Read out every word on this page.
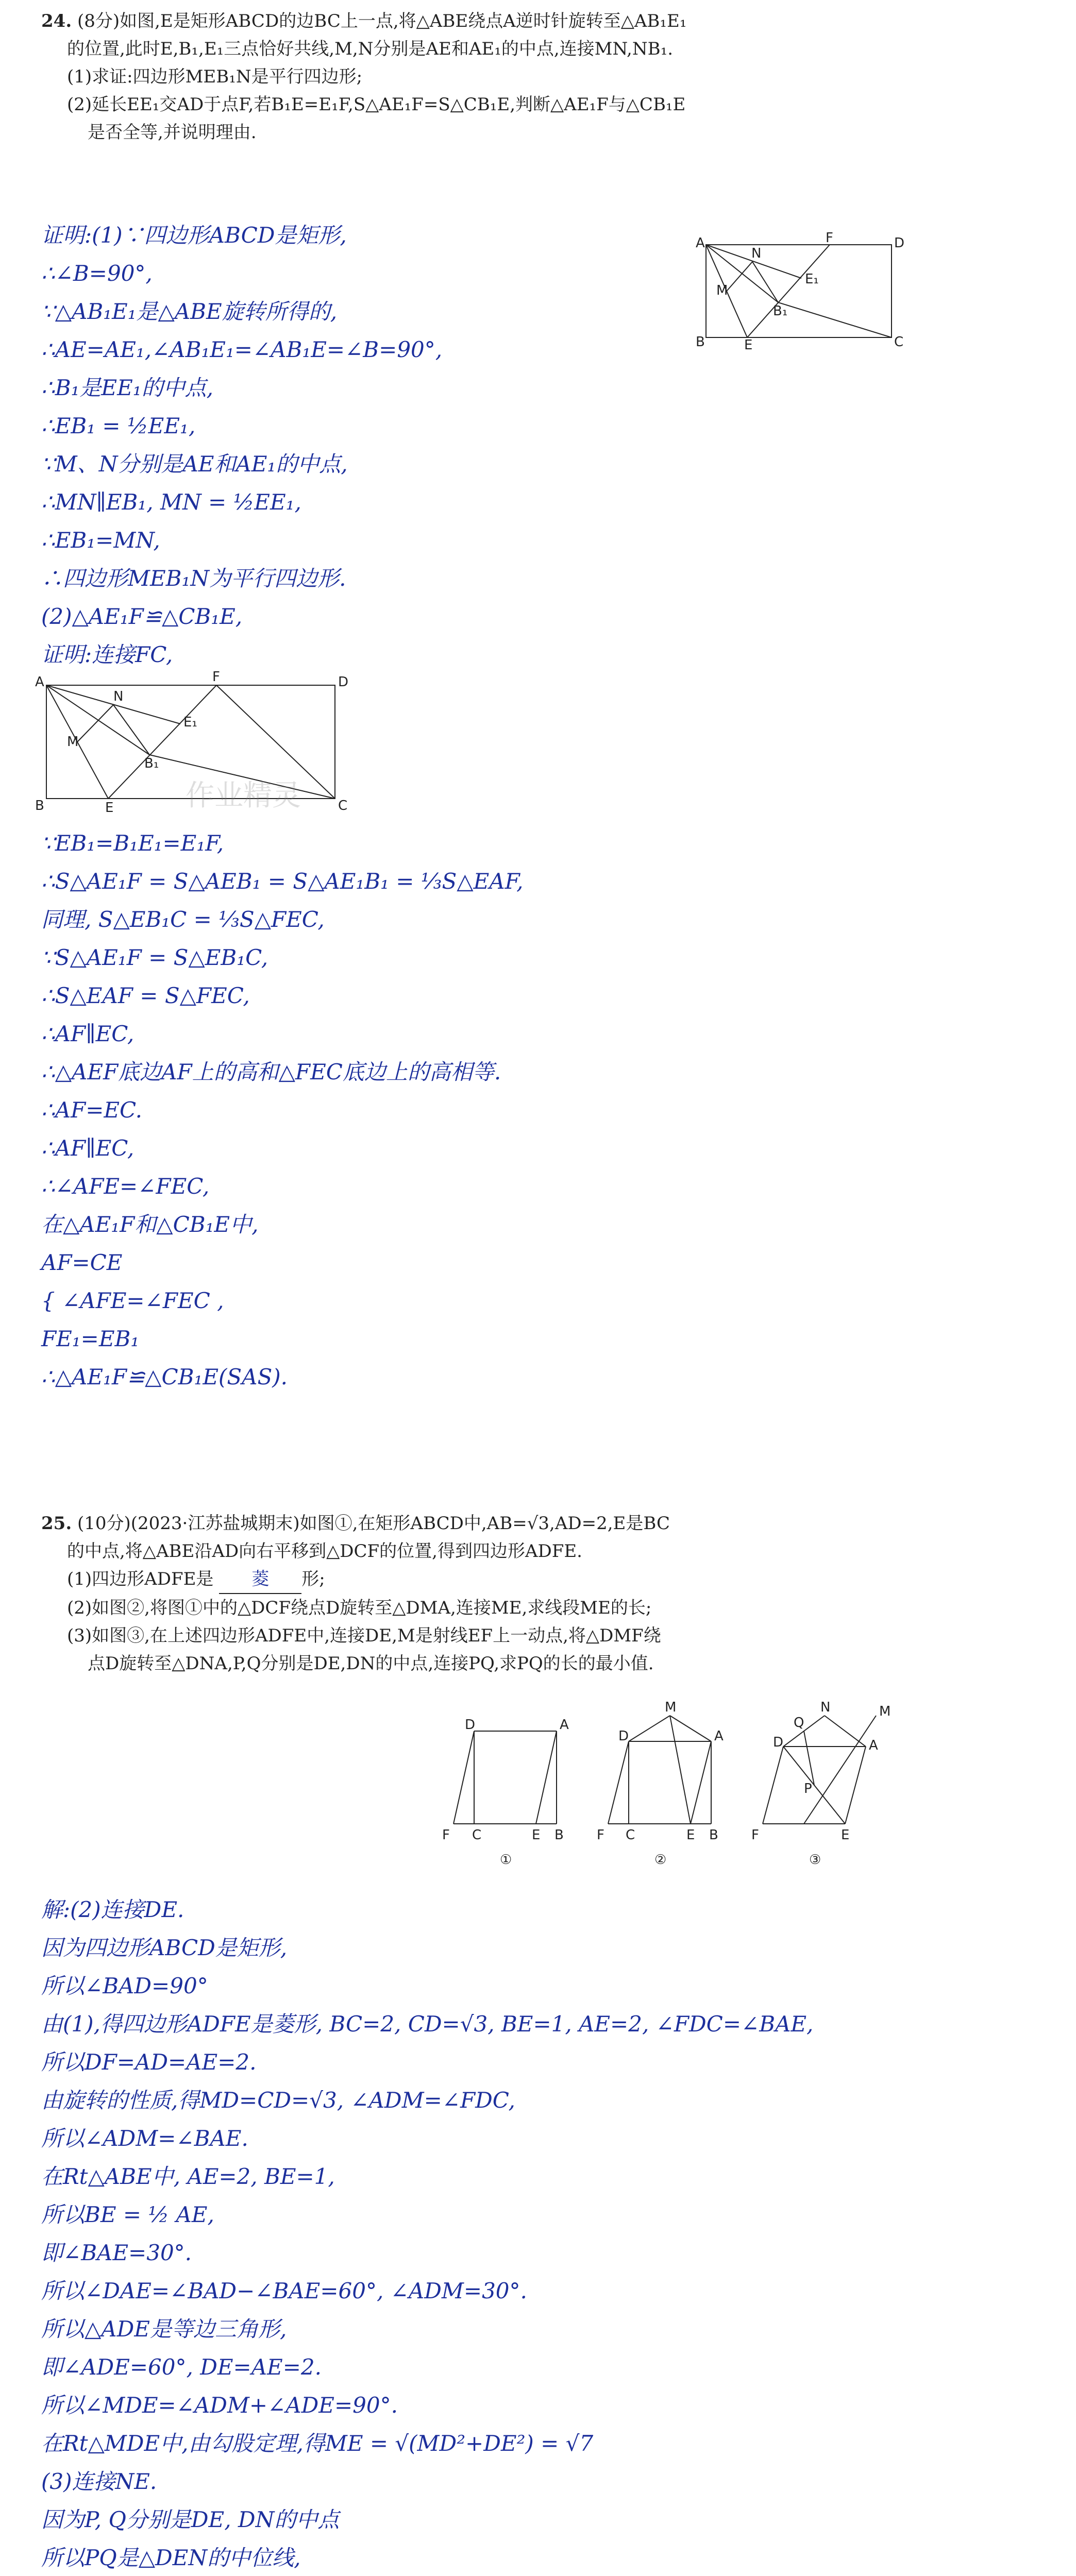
24. (8分)如图,E是矩形ABCD的边BC上一点,将△ABE绕点A逆时针旋转至△AB₁E₁
的位置,此时E,B₁,E₁三点恰好共线,M,N分别是AE和AE₁的中点,连接MN,NB₁.
(1)求证:四边形MEB₁N是平行四边形;
(2)延长EE₁交AD于点F,若B₁E=E₁F,S△AE₁F=S△CB₁E,判断△AE₁F与△CB₁E
是否全等,并说明理由.
证明:(1)∵四边形ABCD是矩形,
∴∠B=90°,
∵△AB₁E₁是△ABE旋转所得的,
∴AE=AE₁,∠AB₁E₁=∠AB₁E=∠B=90°,
∴B₁是EE₁的中点,
∴EB₁ = ½EE₁,
∵M、N分别是AE和AE₁的中点,
∴MN∥EB₁, MN = ½EE₁,
∴EB₁=MN,
∴四边形MEB₁N为平行四边形.
(2)△AE₁F≌△CB₁E,
证明:连接FC,
A	D
F
N
E₁
M
B₁
B	E	C
A	D
F
N
E₁
M
B₁
B	E	C
作业精灵
∵EB₁=B₁E₁=E₁F,
∴S△AE₁F = S△AEB₁ = S△AE₁B₁ = ⅓S△EAF,
同理, S△EB₁C = ⅓S△FEC,
∵S△AE₁F = S△EB₁C,
∴S△EAF = S△FEC,
∴AF∥EC,
∴△AEF底边AF上的高和△FEC底边上的高相等.
∴AF=EC.
∴AF∥EC,
∴∠AFE=∠FEC,
在△AE₁F和△CB₁E中,
AF=CE
{ ∠AFE=∠FEC ,
FE₁=EB₁
∴△AE₁F≌△CB₁E(SAS).
25. (10分)(2023·江苏盐城期末)如图①,在矩形ABCD中,AB=√3,AD=2,E是BC
的中点,将△ABE沿AD向右平移到△DCF的位置,得到四边形ADFE.
(1)四边形ADFE是 菱 形;
(2)如图②,将图①中的△DCF绕点D旋转至△DMA,连接ME,求线段ME的长;
(3)如图③,在上述四边形ADFE中,连接DE,M是射线EF上一动点,将△DMF绕
点D旋转至△DNA,P,Q分别是DE,DN的中点,连接PQ,求PQ的长的最小值.
D	A
F C	E B
①
M
D	A
F C	E B
②
N
Q
M
D	A
P
F	E
③
解:(2)连接DE.
因为四边形ABCD是矩形,
所以∠BAD=90°
由(1),得四边形ADFE是菱形, BC=2, CD=√3, BE=1, AE=2, ∠FDC=∠BAE,
所以DF=AD=AE=2.
由旋转的性质,得MD=CD=√3, ∠ADM=∠FDC,
所以∠ADM=∠BAE.
在Rt△ABE中, AE=2, BE=1,
所以BE = ½ AE,
即∠BAE=30°.
所以∠DAE=∠BAD−∠BAE=60°, ∠ADM=30°.
所以△ADE是等边三角形,
即∠ADE=60°, DE=AE=2.
所以∠MDE=∠ADM+∠ADE=90°.
在Rt△MDE中,由勾股定理,得ME = √(MD²+DE²) = √7
(3)连接NE.
因为P, Q分别是DE, DN的中点
所以PQ是△DEN的中位线,
